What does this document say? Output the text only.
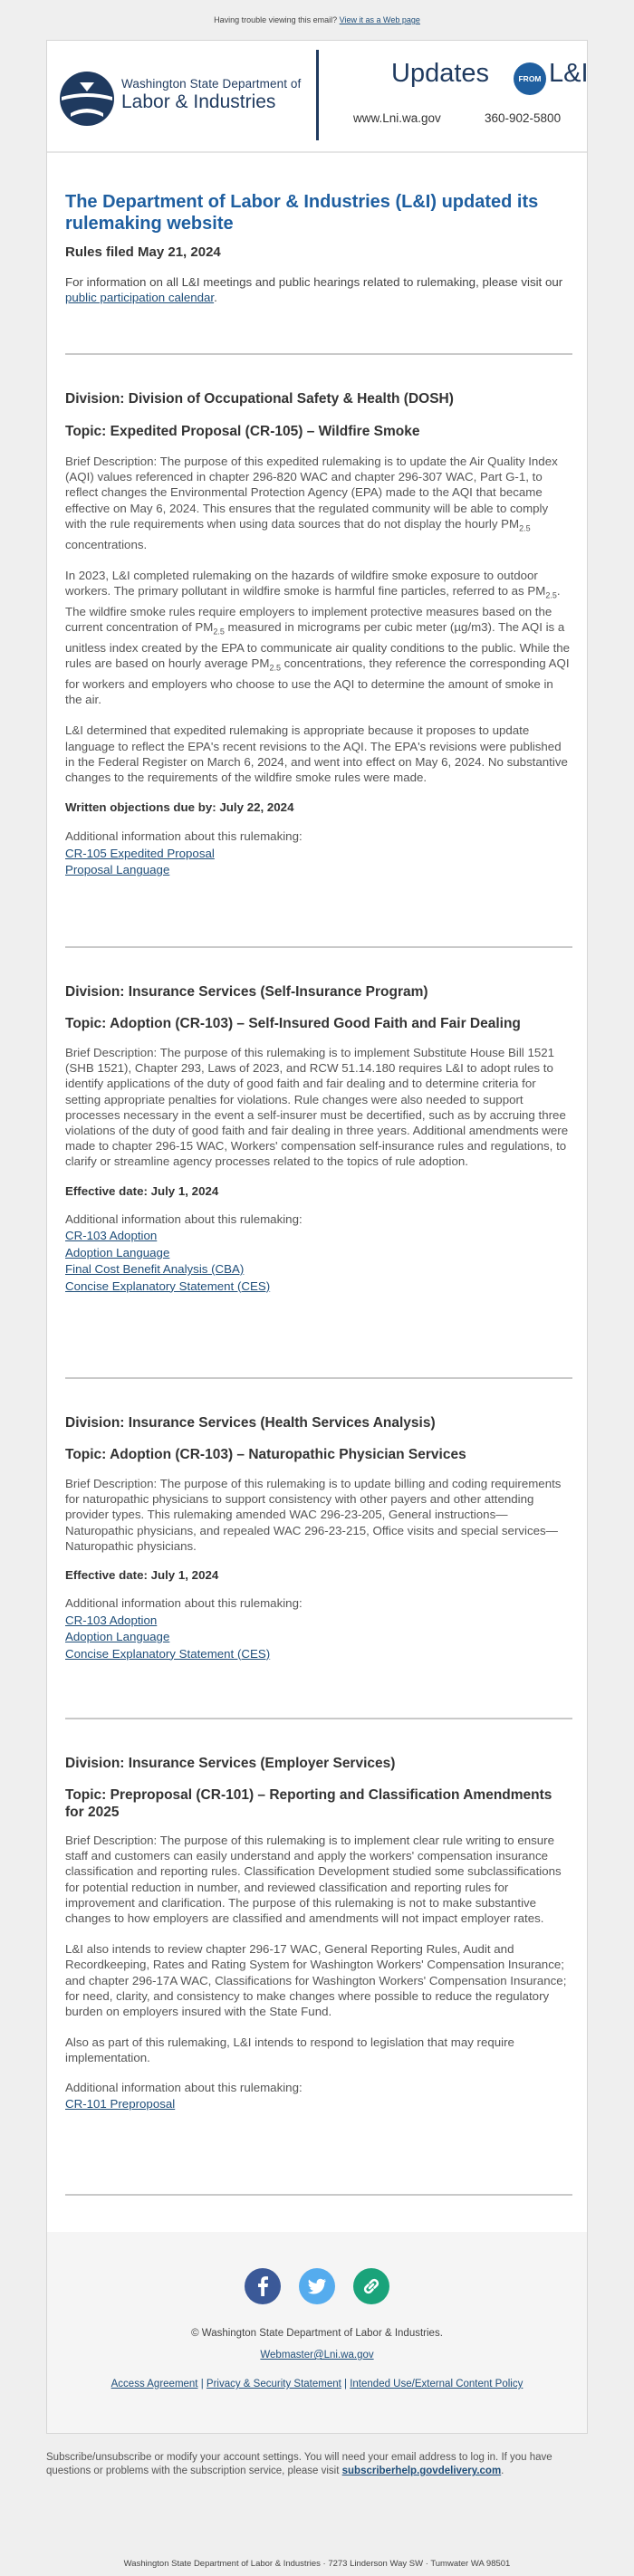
Having trouble viewing this email? View it as a Web page
Washington State Department of
Labor & Industries
Updates	FROM L&I
www.Lni.wa.gov	360-902-5800
The Department of Labor & Industries (L&I) updated its rulemaking website
Rules filed May 21, 2024
For information on all L&I meetings and public hearings related to rulemaking, please visit our public participation calendar.
Division: Division of Occupational Safety & Health (DOSH)
Topic: Expedited Proposal (CR-105) – Wildfire Smoke

Brief Description: The purpose of this expedited rulemaking is to update the Air Quality Index (AQI) values referenced in chapter 296-820 WAC and chapter 296-307 WAC, Part G-1, to reflect changes the Environmental Protection Agency (EPA) made to the AQI that became effective on May 6, 2024. This ensures that the regulated community will be able to comply with the rule requirements when using data sources that do not display the hourly $PM_{2.5}$ concentrations.

In 2023, L&I completed rulemaking on the hazards of wildfire smoke exposure to outdoor workers. The primary pollutant in wildfire smoke is harmful fine particles, referred to as $PM_{2.5}$. The wildfire smoke rules require employers to implement protective measures based on the current concentration of $PM_{2.5}$ measured in micrograms per cubic meter (µg/m3). The AQI is a unitless index created by the EPA to communicate air quality conditions to the public. While the rules are based on hourly average $PM_{2.5}$ concentrations, they reference the corresponding AQI for workers and employers who choose to use the AQI to determine the amount of smoke in the air.

L&I determined that expedited rulemaking is appropriate because it proposes to update language to reflect the EPA's recent revisions to the AQI. The EPA's revisions were published in the Federal Register on March 6, 2024, and went into effect on May 6, 2024. No substantive changes to the requirements of the wildfire smoke rules were made.

Written objections due by: July 22, 2024
Additional information about this rulemaking:
CR-105 Expedited Proposal
Proposal Language
Division: Insurance Services (Self-Insurance Program)
Topic: Adoption (CR-103) – Self-Insured Good Faith and Fair Dealing

Brief Description: The purpose of this rulemaking is to implement Substitute House Bill 1521 (SHB 1521), Chapter 293, Laws of 2023, and RCW 51.14.180 requires L&I to adopt rules to identify applications of the duty of good faith and fair dealing and to determine criteria for setting appropriate penalties for violations. Rule changes were also needed to support processes necessary in the event a self-insurer must be decertified, such as by accruing three violations of the duty of good faith and fair dealing in three years. Additional amendments were made to chapter 296-15 WAC, Workers' compensation self-insurance rules and regulations, to clarify or streamline agency processes related to the topics of rule adoption.

Effective date: July 1, 2024
Additional information about this rulemaking:
CR-103 Adoption
Adoption Language
Final Cost Benefit Analysis (CBA)
Concise Explanatory Statement (CES)
Division: Insurance Services (Health Services Analysis)
Topic: Adoption (CR-103) – Naturopathic Physician Services

Brief Description: The purpose of this rulemaking is to update billing and coding requirements for naturopathic physicians to support consistency with other payers and other attending provider types. This rulemaking amended WAC 296-23-205, General instructions—Naturopathic physicians, and repealed WAC 296-23-215, Office visits and special services—Naturopathic physicians.

Effective date: July 1, 2024
Additional information about this rulemaking:
CR-103 Adoption
Adoption Language
Concise Explanatory Statement (CES)
Division: Insurance Services (Employer Services)
Topic: Preproposal (CR-101) – Reporting and Classification Amendments for 2025

Brief Description: The purpose of this rulemaking is to implement clear rule writing to ensure staff and customers can easily understand and apply the workers' compensation insurance classification and reporting rules. Classification Development studied some subclassifications for potential reduction in number, and reviewed classification and reporting rules for improvement and clarification. The purpose of this rulemaking is not to make substantive changes to how employers are classified and amendments will not impact employer rates.

L&I also intends to review chapter 296-17 WAC, General Reporting Rules, Audit and Recordkeeping, Rates and Rating System for Washington Workers' Compensation Insurance; and chapter 296-17A WAC, Classifications for Washington Workers' Compensation Insurance; for need, clarity, and consistency to make changes where possible to reduce the regulatory burden on employers insured with the State Fund.

Also as part of this rulemaking, L&I intends to respond to legislation that may require implementation.

Additional information about this rulemaking:
CR-101 Preproposal

© Washington State Department of Labor & Industries.
Webmaster@Lni.wa.gov
Access Agreement | Privacy & Security Statement | Intended Use/External Content Policy
Subscribe/unsubscribe or modify your account settings. You will need your email address to log in. If you have questions or problems with the subscription service, please visit subscriberhelp.govdelivery.com.
Washington State Department of Labor & Industries · 7273 Linderson Way SW · Tumwater WA 98501
